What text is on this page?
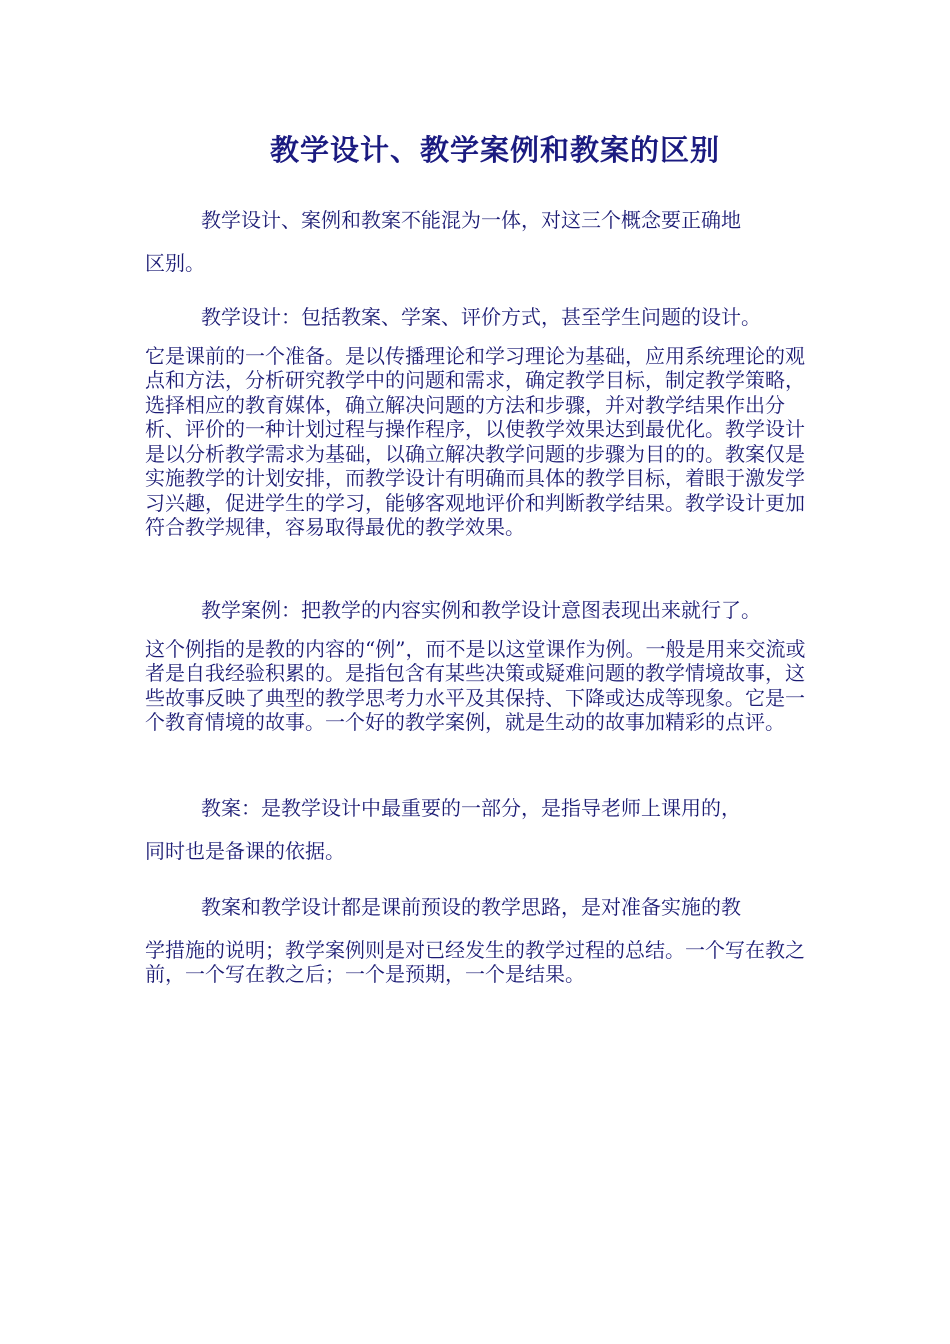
教学设计、教学案例和教案的区别
教学设计、案例和教案不能混为一体，对这三个概念要正确地
区别。
教学设计：包括教案、学案、评价方式，甚至学生问题的设计。
它是课前的一个准备。是以传播理论和学习理论为基础，应用系统理论的观点和方法，分析研究教学中的问题和需求，确定教学目标，制定教学策略，选择相应的教育媒体，确立解决问题的方法和步骤，并对教学结果作出分析、评价的一种计划过程与操作程序，以使教学效果达到最优化。教学设计是以分析教学需求为基础，以确立解决教学问题的步骤为目的的。教案仅是实施教学的计划安排，而教学设计有明确而具体的教学目标，着眼于激发学习兴趣，促进学生的学习，能够客观地评价和判断教学结果。教学设计更加符合教学规律，容易取得最优的教学效果。
教学案例：把教学的内容实例和教学设计意图表现出来就行了。
这个例指的是教的内容的“例”，而不是以这堂课作为例。一般是用来交流或者是自我经验积累的。是指包含有某些决策或疑难问题的教学情境故事，这些故事反映了典型的教学思考力水平及其保持、下降或达成等现象。它是一个教育情境的故事。一个好的教学案例，就是生动的故事加精彩的点评。
教案：是教学设计中最重要的一部分，是指导老师上课用的，
同时也是备课的依据。
教案和教学设计都是课前预设的教学思路，是对准备实施的教
学措施的说明；教学案例则是对已经发生的教学过程的总结。一个写在教之前，一个写在教之后；一个是预期，一个是结果。
